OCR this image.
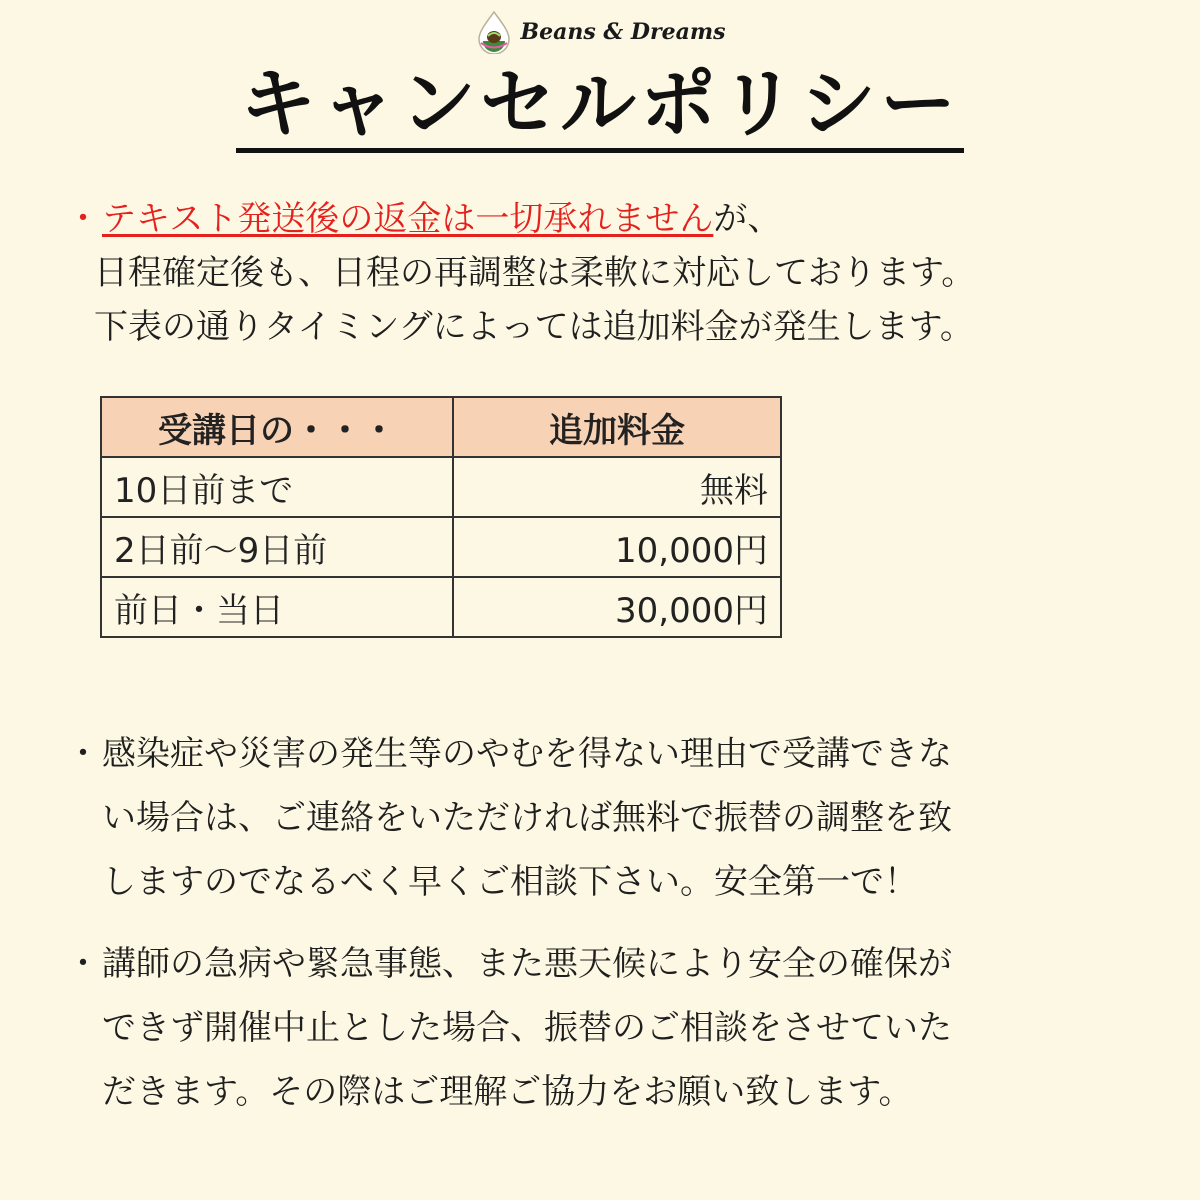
Beans & Dreams
キャンセルポリシー
・ テキスト発送後の返金は一切承れませんが、
日程確定後も、日程の再調整は柔軟に対応しております。
下表の通りタイミングによっては追加料金が発生します。
受講日の・・・	追加料金
10日前まで	無料
2日前〜9日前	10,000円
前日・当日	30,000円
・ 感染症や災害の発生等のやむを得ない理由で受講できな
い場合は、ご連絡をいただければ無料で振替の調整を致
しますのでなるべく早くご相談下さい。安全第一で！
・ 講師の急病や緊急事態、また悪天候により安全の確保が
できず開催中止とした場合、振替のご相談をさせていた
だきます。その際はご理解ご協力をお願い致します。
